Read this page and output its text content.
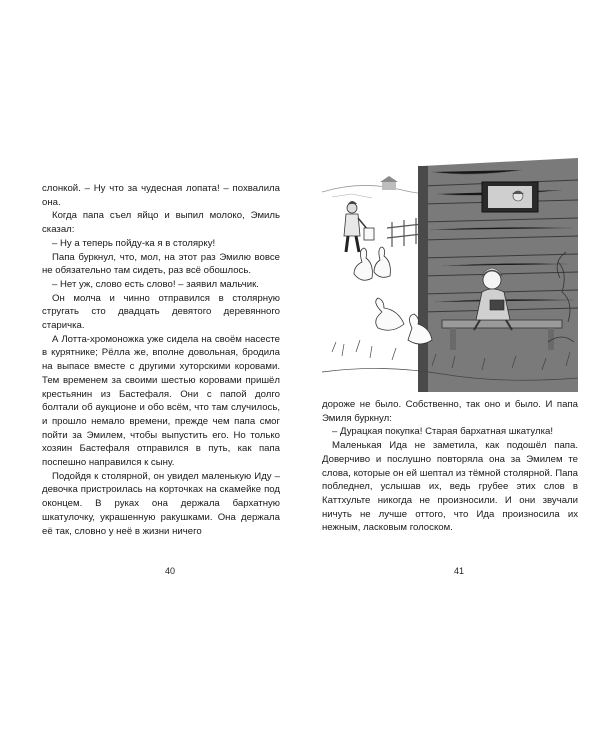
слонкой. – Ну что за чудесная лопата! – похвалила она.

Когда папа съел яйцо и выпил молоко, Эмиль сказал:

– Ну а теперь пойду-ка я в столярку!

Папа буркнул, что, мол, на этот раз Эмилю вовсе не обязательно там сидеть, раз всё обошлось.

– Нет уж, слово есть слово! – заявил мальчик.

Он молча и чинно отправился в столярную стругать сто двадцать девятого деревянного старичка.

А Лотта-хромоножка уже сидела на своём насесте в курятнике; Рёлла же, вполне довольная, бродила на выпасе вместе с другими хуторскими коровами. Тем временем за своими шестью коровами пришёл крестьянин из Бастефаля. Они с папой долго болтали об аукционе и обо всём, что там случилось, и прошло немало времени, прежде чем папа смог пойти за Эмилем, чтобы выпустить его. Но только хозяин Бастефаля отправился в путь, как папа поспешно направился к сыну.

Подойдя к столярной, он увидел маленькую Иду – девочка пристроилась на корточках на скамейке под оконцем. В руках она держала бархатную шкатулочку, украшенную ракушками. Она держала её так, словно у неё в жизни ничего

40

дороже не было. Собственно, так оно и было. И папа Эмиля буркнул:

– Дурацкая покупка! Старая бархатная шкатулка!

Маленькая Ида не заметила, как подошёл папа. Доверчиво и послушно повторяла она за Эмилем те слова, которые он ей шептал из тёмной столярной. Папа побледнел, услышав их, ведь грубее этих слов в Каттхульте никогда не произносили. И они звучали ничуть не лучше оттого, что Ида произносила их нежным, ласковым голоском.

41
